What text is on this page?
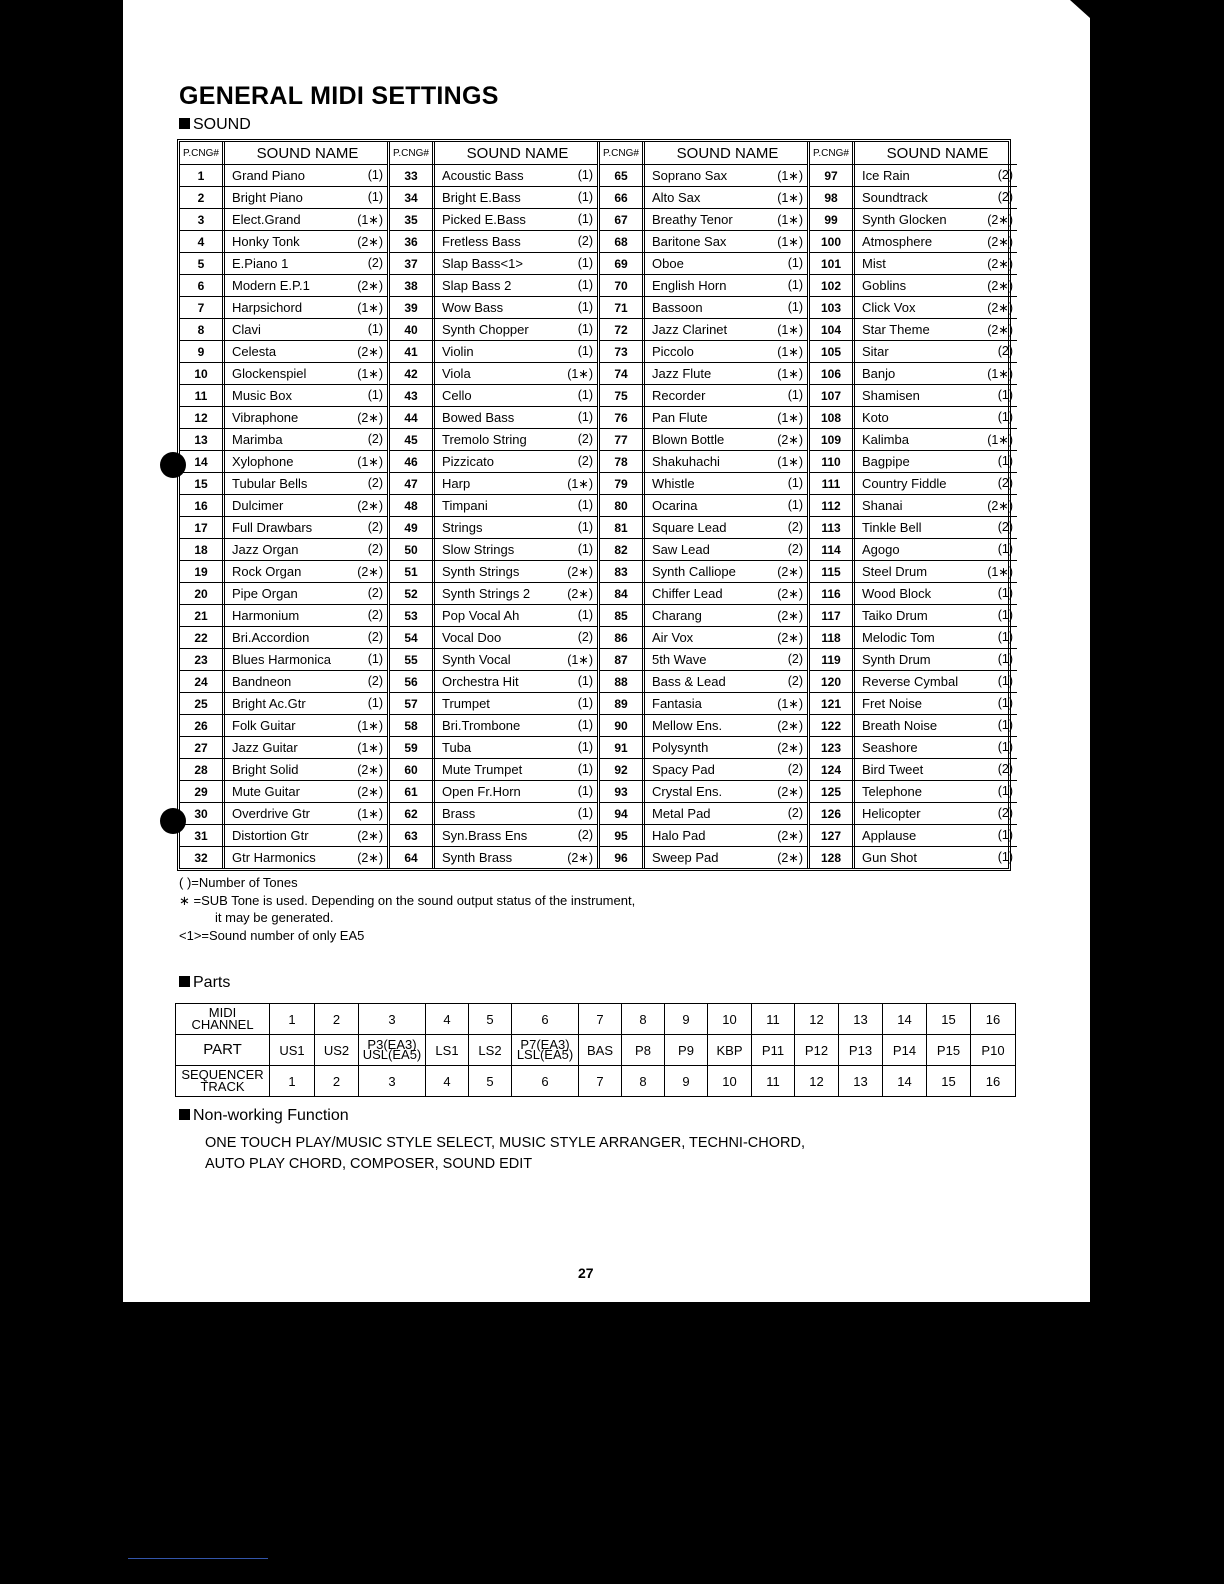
GENERAL MIDI SETTINGS
SOUND
P.CNG#	SOUND NAME
1	Grand Piano	(1)
2	Bright Piano	(1)
3	Elect.Grand	(1∗)
4	Honky Tonk	(2∗)
5	E.Piano 1	(2)
6	Modern E.P.1	(2∗)
7	Harpsichord	(1∗)
8	Clavi	(1)
9	Celesta	(2∗)
10	Glockenspiel	(1∗)
11	Music Box	(1)
12	Vibraphone	(2∗)
13	Marimba	(2)
14	Xylophone	(1∗)
15	Tubular Bells	(2)
16	Dulcimer	(2∗)
17	Full Drawbars	(2)
18	Jazz Organ	(2)
19	Rock Organ	(2∗)
20	Pipe Organ	(2)
21	Harmonium	(2)
22	Bri.Accordion	(2)
23	Blues Harmonica	(1)
24	Bandneon	(2)
25	Bright Ac.Gtr	(1)
26	Folk Guitar	(1∗)
27	Jazz Guitar	(1∗)
28	Bright Solid	(2∗)
29	Mute Guitar	(2∗)
30	Overdrive Gtr	(1∗)
31	Distortion Gtr	(2∗)
32	Gtr Harmonics	(2∗)
P.CNG#	SOUND NAME
33	Acoustic Bass	(1)
34	Bright E.Bass	(1)
35	Picked E.Bass	(1)
36	Fretless Bass	(2)
37	Slap Bass<1>	(1)
38	Slap Bass 2	(1)
39	Wow Bass	(1)
40	Synth Chopper	(1)
41	Violin	(1)
42	Viola	(1∗)
43	Cello	(1)
44	Bowed Bass	(1)
45	Tremolo String	(2)
46	Pizzicato	(2)
47	Harp	(1∗)
48	Timpani	(1)
49	Strings	(1)
50	Slow Strings	(1)
51	Synth Strings	(2∗)
52	Synth Strings 2	(2∗)
53	Pop Vocal Ah	(1)
54	Vocal Doo	(2)
55	Synth Vocal	(1∗)
56	Orchestra Hit	(1)
57	Trumpet	(1)
58	Bri.Trombone	(1)
59	Tuba	(1)
60	Mute Trumpet	(1)
61	Open Fr.Horn	(1)
62	Brass	(1)
63	Syn.Brass Ens	(2)
64	Synth Brass	(2∗)
P.CNG#	SOUND NAME
65	Soprano Sax	(1∗)
66	Alto Sax	(1∗)
67	Breathy Tenor	(1∗)
68	Baritone Sax	(1∗)
69	Oboe	(1)
70	English Horn	(1)
71	Bassoon	(1)
72	Jazz Clarinet	(1∗)
73	Piccolo	(1∗)
74	Jazz Flute	(1∗)
75	Recorder	(1)
76	Pan Flute	(1∗)
77	Blown Bottle	(2∗)
78	Shakuhachi	(1∗)
79	Whistle	(1)
80	Ocarina	(1)
81	Square Lead	(2)
82	Saw Lead	(2)
83	Synth Calliope	(2∗)
84	Chiffer Lead	(2∗)
85	Charang	(2∗)
86	Air Vox	(2∗)
87	5th Wave	(2)
88	Bass & Lead	(2)
89	Fantasia	(1∗)
90	Mellow Ens.	(2∗)
91	Polysynth	(2∗)
92	Spacy Pad	(2)
93	Crystal Ens.	(2∗)
94	Metal Pad	(2)
95	Halo Pad	(2∗)
96	Sweep Pad	(2∗)
P.CNG#	SOUND NAME
97	Ice Rain	(2)
98	Soundtrack	(2)
99	Synth Glocken	(2∗)
100	Atmosphere	(2∗)
101	Mist	(2∗)
102	Goblins	(2∗)
103	Click Vox	(2∗)
104	Star Theme	(2∗)
105	Sitar	(2)
106	Banjo	(1∗)
107	Shamisen	(1)
108	Koto	(1)
109	Kalimba	(1∗)
110	Bagpipe	(1)
111	Country Fiddle	(2)
112	Shanai	(2∗)
113	Tinkle Bell	(2)
114	Agogo	(1)
115	Steel Drum	(1∗)
116	Wood Block	(1)
117	Taiko Drum	(1)
118	Melodic Tom	(1)
119	Synth Drum	(1)
120	Reverse Cymbal	(1)
121	Fret Noise	(1)
122	Breath Noise	(1)
123	Seashore	(1)
124	Bird Tweet	(2)
125	Telephone	(1)
126	Helicopter	(2)
127	Applause	(1)
128	Gun Shot	(1)
( )=Number of Tones
∗ =SUB Tone is used. Depending on the sound output status of the instrument,
it may be generated.
<1>=Sound number of only EA5
Parts
MIDI CHANNEL	1	2	3	4	5	6	7	8	9	10	11	12	13	14	15	16
PART	US1	US2	P3(EA3) USL(EA5)	LS1	LS2	P7(EA3) LSL(EA5)	BAS	P8	P9	KBP	P11	P12	P13	P14	P15	P10
SEQUENCER TRACK	1	2	3	4	5	6	7	8	9	10	11	12	13	14	15	16
Non-working Function
ONE TOUCH PLAY/MUSIC STYLE SELECT, MUSIC STYLE ARRANGER, TECHNI-CHORD,
AUTO PLAY CHORD, COMPOSER, SOUND EDIT
27
